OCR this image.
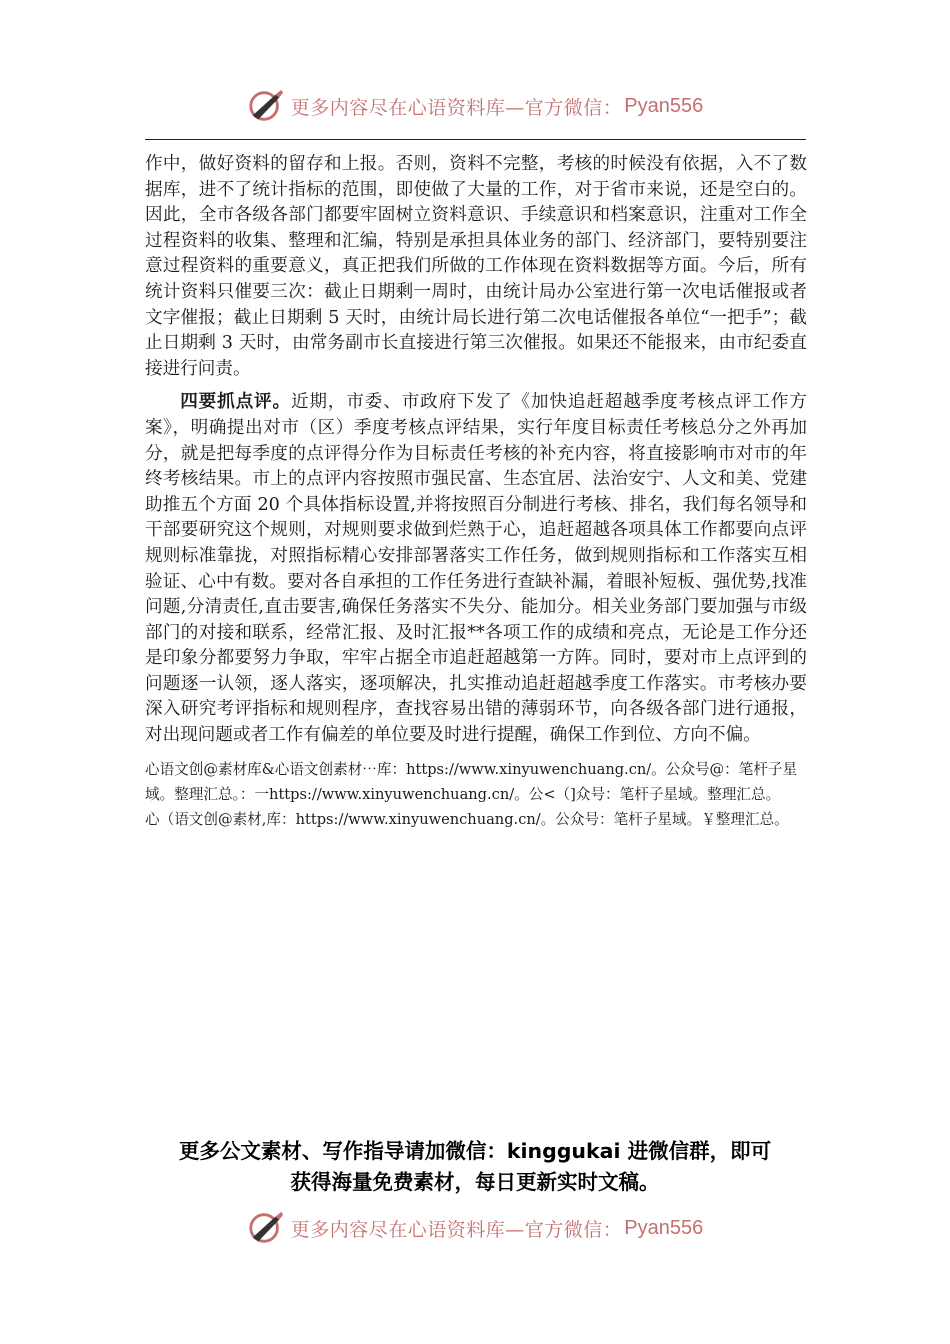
更多内容尽在心语资料库—官方微信： Pyan556

作中，做好资料的留存和上报。否则，资料不完整，考核的时候没有依据，入不了数据库，进不了统计指标的范围，即使做了大量的工作，对于省市来说，还是空白的。因此，全市各级各部门都要牢固树立资料意识、手续意识和档案意识，注重对工作全过程资料的收集、整理和汇编，特别是承担具体业务的部门、经济部门，要特别要注意过程资料的重要意义，真正把我们所做的工作体现在资料数据等方面。今后，所有统计资料只催要三次：截止日期剩一周时，由统计局办公室进行第一次电话催报或者文字催报；截止日期剩 5 天时，由统计局长进行第二次电话催报各单位“一把手”；截止日期剩 3 天时，由常务副市长直接进行第三次催报。如果还不能报来，由市纪委直接进行问责。

四要抓点评。近期，市委、市政府下发了《加快追赶超越季度考核点评工作方案》，明确提出对市（区）季度考核点评结果，实行年度目标责任考核总分之外再加分，就是把每季度的点评得分作为目标责任考核的补充内容，将直接影响市对市的年终考核结果。市上的点评内容按照市强民富、生态宜居、法治安宁、人文和美、党建助推五个方面 20 个具体指标设置,并将按照百分制进行考核、排名，我们每名领导和干部要研究这个规则，对规则要求做到烂熟于心，追赶超越各项具体工作都要向点评规则标准靠拢，对照指标精心安排部署落实工作任务，做到规则指标和工作落实互相验证、心中有数。要对各自承担的工作任务进行查缺补漏，着眼补短板、强优势,找准问题,分清责任,直击要害,确保任务落实不失分、能加分。相关业务部门要加强与市级部门的对接和联系，经常汇报、及时汇报**各项工作的成绩和亮点，无论是工作分还是印象分都要努力争取，牢牢占据全市追赶超越第一方阵。同时，要对市上点评到的问题逐一认领，逐人落实，逐项解决，扎实推动追赶超越季度工作落实。市考核办要深入研究考评指标和规则程序，查找容易出错的薄弱环节，向各级各部门进行通报，对出现问题或者工作有偏差的单位要及时进行提醒，确保工作到位、方向不偏。

心语文创@素材库&心语文创素材⋯库：https://www.xinyuwenchuang.cn/。公众号@：笔杆子星域。整理汇总。：一https://www.xinyuwenchuang.cn/。公<（]众号：笔杆子星域。整理汇总。

心（语文创@素材,库：https://www.xinyuwenchuang.cn/。公众号：笔杆子星域。￥整理汇总。

更多公文素材、写作指导请加微信：kinggukai 进微信群，即可
获得海量免费素材，每日更新实时文稿。
更多内容尽在心语资料库—官方微信： Pyan556
